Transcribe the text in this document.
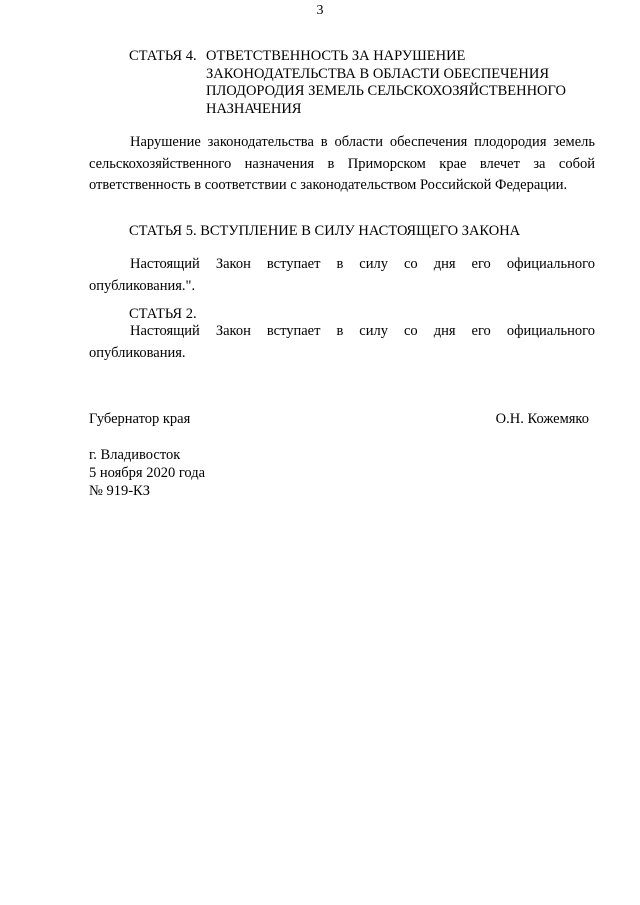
3
СТАТЬЯ 4. ОТВЕТСТВЕННОСТЬ ЗА НАРУШЕНИЕ
ЗАКОНОДАТЕЛЬСТВА В ОБЛАСТИ ОБЕСПЕЧЕНИЯ
ПЛОДОРОДИЯ ЗЕМЕЛЬ СЕЛЬСКОХОЗЯЙСТВЕННОГО
НАЗНАЧЕНИЯ

Нарушение законодательства в области обеспечения плодородия земель сельскохозяйственного назначения в Приморском крае влечет за собой ответственность в соответствии с законодательством Российской Федерации.

СТАТЬЯ 5. ВСТУПЛЕНИЕ В СИЛУ НАСТОЯЩЕГО ЗАКОНА

Настоящий Закон вступает в силу со дня его официального опубликования.".

СТАТЬЯ 2.

Настоящий Закон вступает в силу со дня его официального опубликования.

Губернатор края	О.Н. Кожемяко
г. Владивосток
5 ноября 2020 года
№ 919-КЗ
